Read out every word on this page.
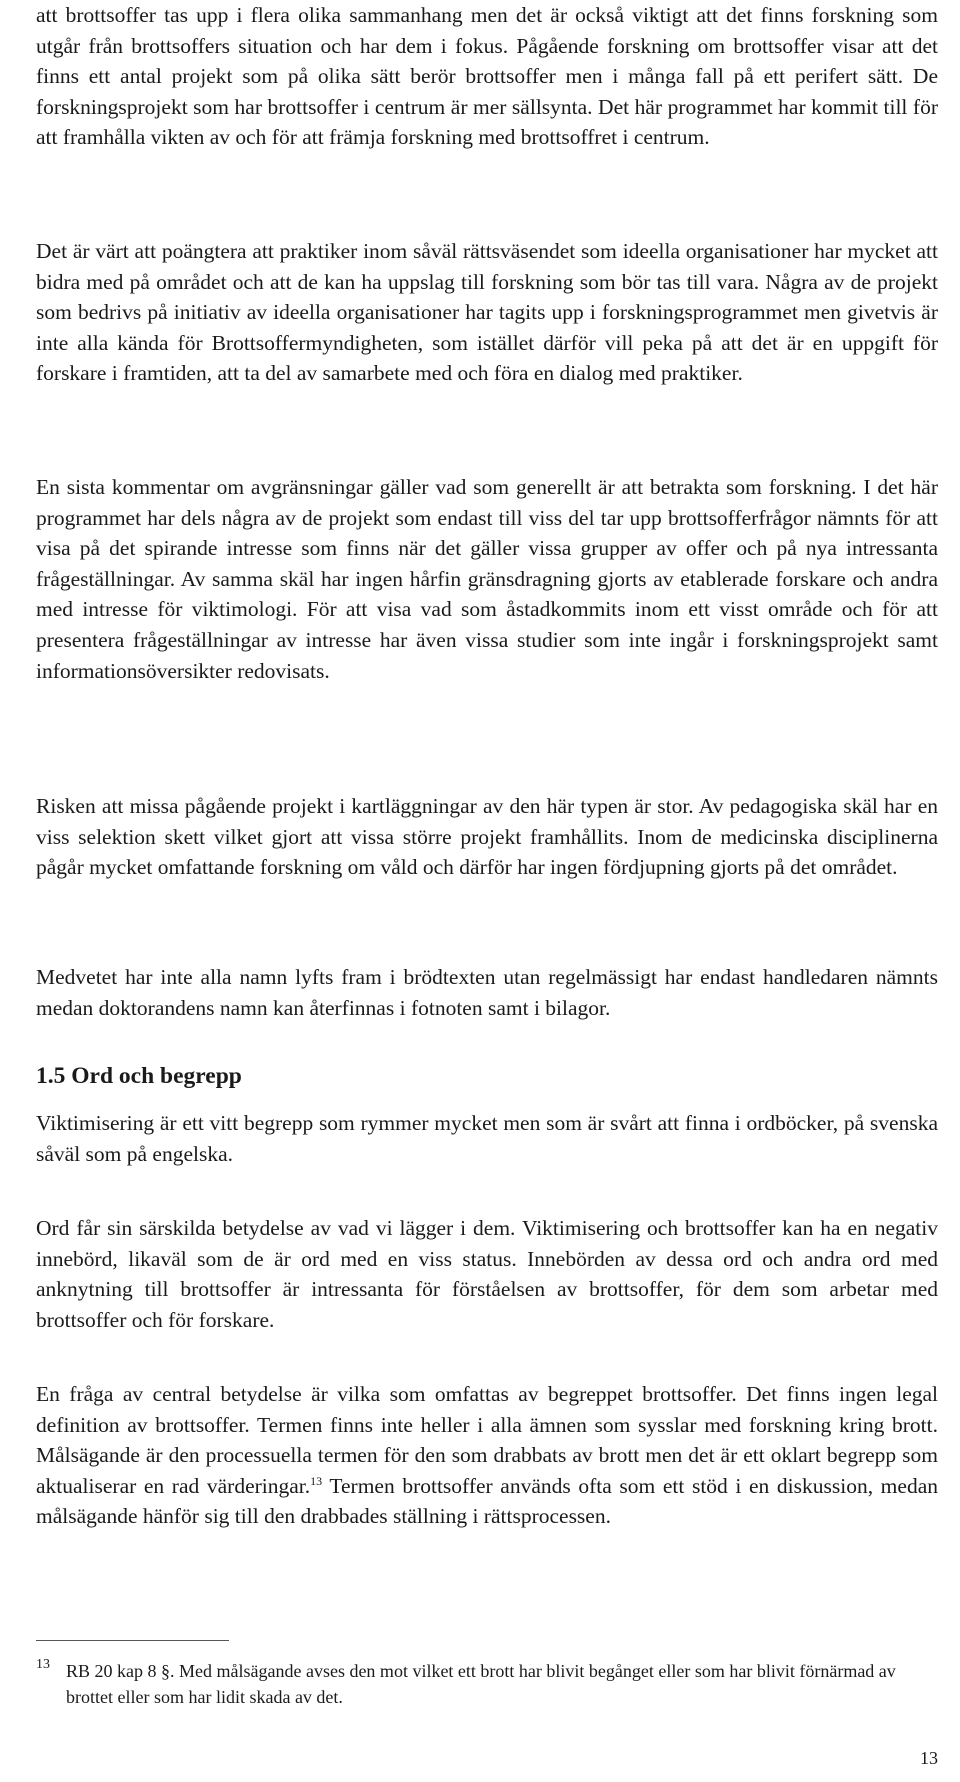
att brottsoffer tas upp i flera olika sammanhang men det är också viktigt att det finns forskning som utgår från brottsoffers situation och har dem i fokus. Pågående forskning om brottsoffer visar att det finns ett antal projekt som på olika sätt berör brottsoffer men i många fall på ett perifert sätt. De forskningsprojekt som har brottsoffer i centrum är mer sällsynta. Det här programmet har kommit till för att framhålla vikten av och för att främja forskning med brottsoffret i centrum.

Det är värt att poängtera att praktiker inom såväl rättsväsendet som ideella organisationer har mycket att bidra med på området och att de kan ha uppslag till forskning som bör tas till vara. Några av de projekt som bedrivs på initiativ av ideella organisationer har tagits upp i forskningsprogrammet men givetvis är inte alla kända för Brottsoffermyndigheten, som istället därför vill peka på att det är en uppgift för forskare i framtiden, att ta del av samarbete med och föra en dialog med praktiker.

En sista kommentar om avgränsningar gäller vad som generellt är att betrakta som forskning. I det här programmet har dels några av de projekt som endast till viss del tar upp brottsofferfrågor nämnts för att visa på det spirande intresse som finns när det gäller vissa grupper av offer och på nya intressanta frågeställningar. Av samma skäl har ingen hårfin gränsdragning gjorts av etablerade forskare och andra med intresse för viktimologi. För att visa vad som åstadkommits inom ett visst område och för att presentera frågeställningar av intresse har även vissa studier som inte ingår i forskningsprojekt samt informationsöversikter redovisats.

Risken att missa pågående projekt i kartläggningar av den här typen är stor. Av pedagogiska skäl har en viss selektion skett vilket gjort att vissa större projekt framhållits. Inom de medicinska disciplinerna pågår mycket omfattande forskning om våld och därför har ingen fördjupning gjorts på det området.

Medvetet har inte alla namn lyfts fram i brödtexten utan regelmässigt har endast handledaren nämnts medan doktorandens namn kan återfinnas i fotnoten samt i bilagor.

1.5 Ord och begrepp

Viktimisering är ett vitt begrepp som rymmer mycket men som är svårt att finna i ordböcker, på svenska såväl som på engelska.

Ord får sin särskilda betydelse av vad vi lägger i dem. Viktimisering och brottsoffer kan ha en negativ innebörd, likaväl som de är ord med en viss status. Innebörden av dessa ord och andra ord med anknytning till brottsoffer är intressanta för förståelsen av brottsoffer, för dem som arbetar med brottsoffer och för forskare.

En fråga av central betydelse är vilka som omfattas av begreppet brottsoffer. Det finns ingen legal definition av brottsoffer. Termen finns inte heller i alla ämnen som sysslar med forskning kring brott. Målsägande är den processuella termen för den som drabbats av brott men det är ett oklart begrepp som aktualiserar en rad värderingar.$^{13}$ Termen brottsoffer används ofta som ett stöd i en diskussion, medan målsägande hänför sig till den drabbades ställning i rättsprocessen.

13 RB 20 kap 8 §. Med målsägande avses den mot vilket ett brott har blivit begånget eller som har blivit förnärmad av brottet eller som har lidit skada av det.
13
